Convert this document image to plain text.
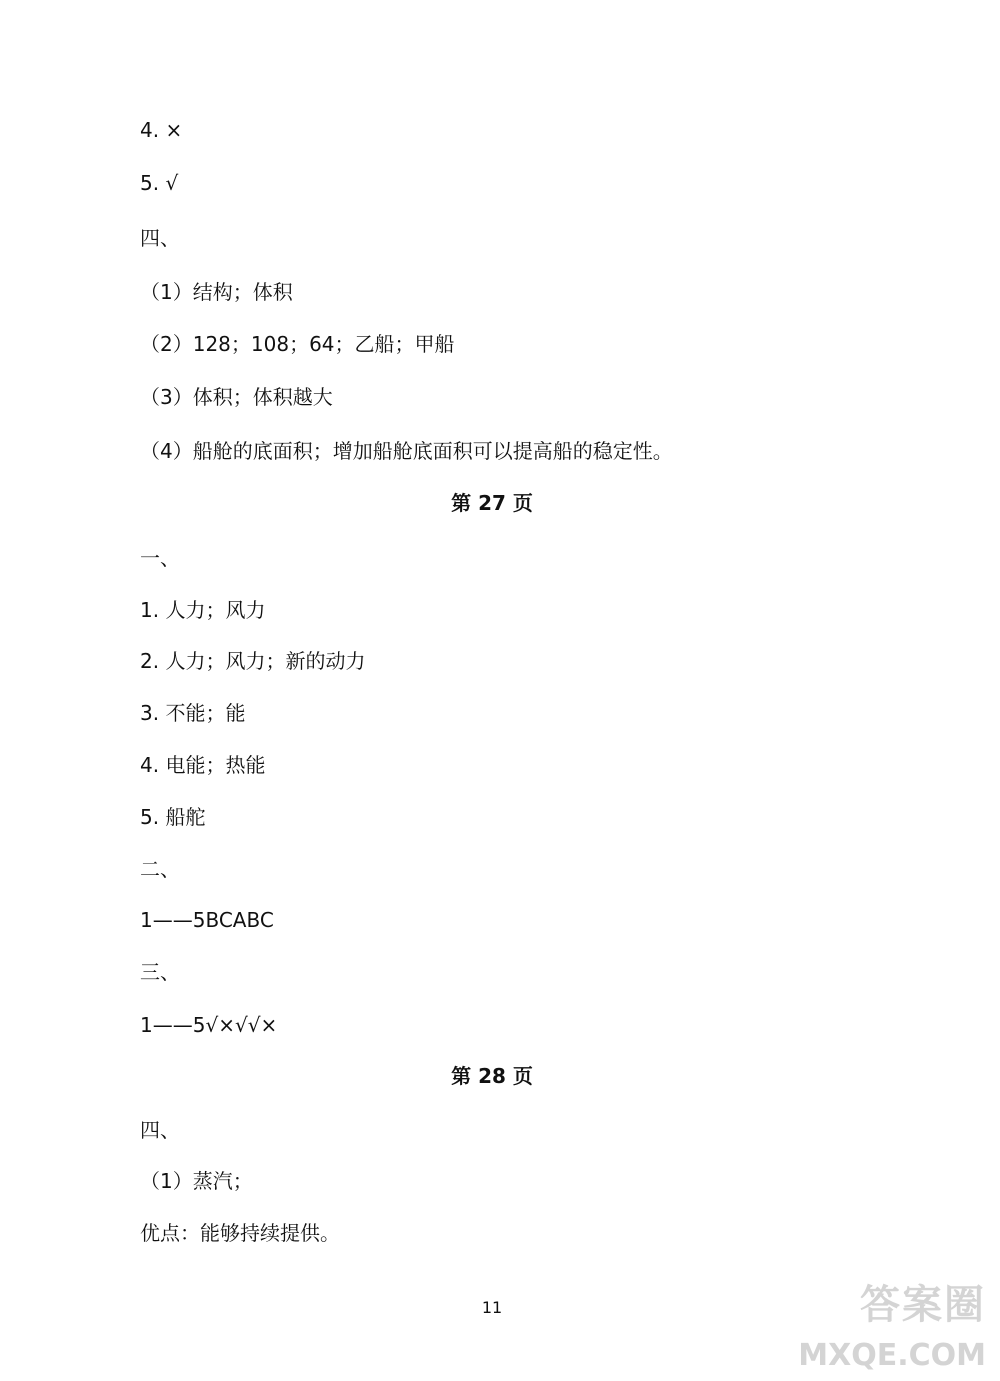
4. ×
5. √
四、
（1）结构；体积
（2）128；108；64；乙船；甲船
（3）体积；体积越大
（4）船舱的底面积；增加船舱底面积可以提高船的稳定性。
第 27 页
一、
1. 人力；风力
2. 人力；风力；新的动力
3. 不能；能
4. 电能；热能
5. 船舵
二、
1——5BCABC
三、
1——5√×√√×
第 28 页
四、
（1）蒸汽；
优点：能够持续提供。
11	答案圈
MXQE.COM
